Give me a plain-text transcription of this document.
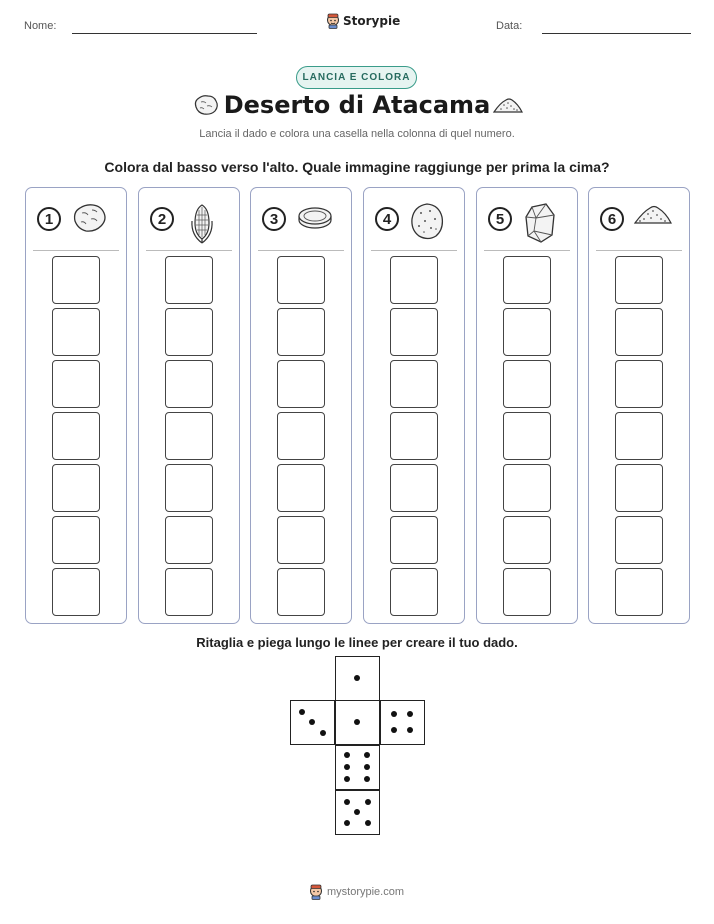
Nome:	Storypie	Data:
LANCIA E COLORA
Deserto di Atacama
Lancia il dado e colora una casella nella colonna di quel numero.
Colora dal basso verso l'alto. Quale immagine raggiunge per prima la cima?
1	2	3	4	5	6
Ritaglia e piega lungo le linee per creare il tuo dado.
mystorypie.com
